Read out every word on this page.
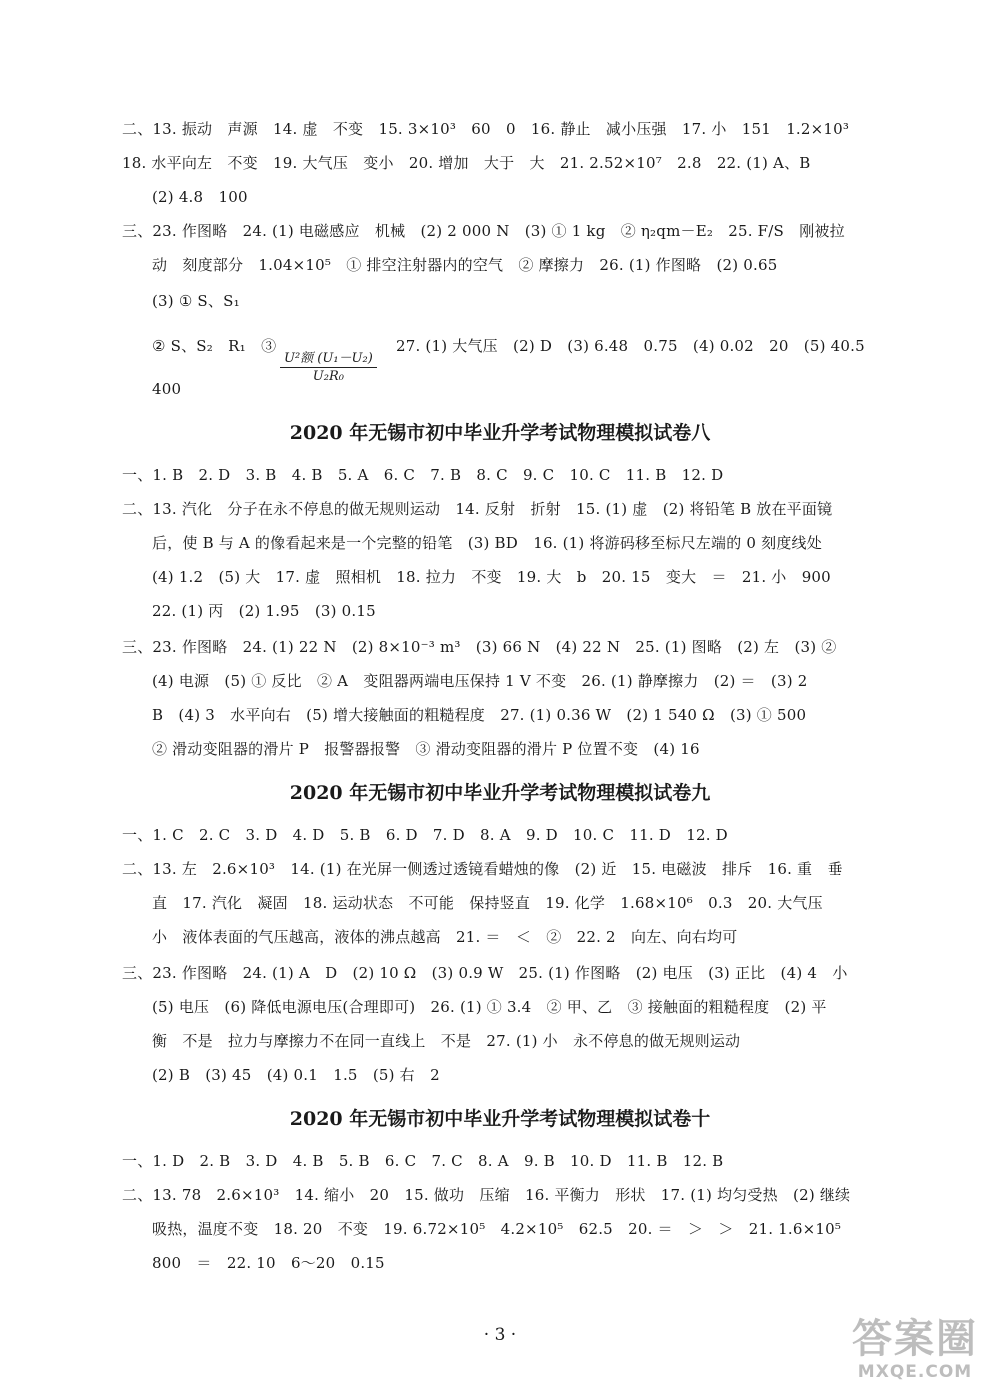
二、13. 振动　声源　14. 虚　不变　15. 3×10³　60　0　16. 静止　减小压强　17. 小　151　1.2×10³
18. 水平向左　不变　19. 大气压　变小　20. 增加　大于　大　21. 2.52×10⁷　2.8　22. (1) A、B
(2) 4.8　100
三、23. 作图略　24. (1) 电磁感应　机械　(2) 2 000 N　(3) ① 1 kg　② η₂qm－E₂　25. F/S　刚被拉
动　刻度部分　1.04×10⁵　① 排空注射器内的空气　② 摩擦力　26. (1) 作图略　(2) 0.65
(3) ① S、S₁
② S、S₂　R₁　③
U²额 (U₁－U₂)
U₂R₀
27. (1) 大气压　(2) D　(3) 6.48　0.75　(4) 0.02　20　(5) 40.5
400
2020 年无锡市初中毕业升学考试物理模拟试卷八
一、1. B　2. D　3. B　4. B　5. A　6. C　7. B　8. C　9. C　10. C　11. B　12. D
二、13. 汽化　分子在永不停息的做无规则运动　14. 反射　折射　15. (1) 虚　(2) 将铅笔 B 放在平面镜
后，使 B 与 A 的像看起来是一个完整的铅笔　(3) BD　16. (1) 将游码移至标尺左端的 0 刻度线处
(4) 1.2　(5) 大　17. 虚　照相机　18. 拉力　不变　19. 大　b　20. 15　变大　＝　21. 小　900
22. (1) 丙　(2) 1.95　(3) 0.15
三、23. 作图略　24. (1) 22 N　(2) 8×10⁻³ m³　(3) 66 N　(4) 22 N　25. (1) 图略　(2) 左　(3) ②
(4) 电源　(5) ① 反比　② A　变阻器两端电压保持 1 V 不变　26. (1) 静摩擦力　(2) ＝　(3) 2
B　(4) 3　水平向右　(5) 增大接触面的粗糙程度　27. (1) 0.36 W　(2) 1 540 Ω　(3) ① 500
② 滑动变阻器的滑片 P　报警器报警　③ 滑动变阻器的滑片 P 位置不变　(4) 16
2020 年无锡市初中毕业升学考试物理模拟试卷九
一、1. C　2. C　3. D　4. D　5. B　6. D　7. D　8. A　9. D　10. C　11. D　12. D
二、13. 左　2.6×10³　14. (1) 在光屏一侧透过透镜看蜡烛的像　(2) 近　15. 电磁波　排斥　16. 重　垂
直　17. 汽化　凝固　18. 运动状态　不可能　保持竖直　19. 化学　1.68×10⁶　0.3　20. 大气压
小　液体表面的气压越高，液体的沸点越高　21. ＝　＜　②　22. 2　向左、向右均可
三、23. 作图略　24. (1) A　D　(2) 10 Ω　(3) 0.9 W　25. (1) 作图略　(2) 电压　(3) 正比　(4) 4　小
(5) 电压　(6) 降低电源电压(合理即可)　26. (1) ① 3.4　② 甲、乙　③ 接触面的粗糙程度　(2) 平
衡　不是　拉力与摩擦力不在同一直线上　不是　27. (1) 小　永不停息的做无规则运动
(2) B　(3) 45　(4) 0.1　1.5　(5) 右　2
2020 年无锡市初中毕业升学考试物理模拟试卷十
一、1. D　2. B　3. D　4. B　5. B　6. C　7. C　8. A　9. B　10. D　11. B　12. B
二、13. 78　2.6×10³　14. 缩小　20　15. 做功　压缩　16. 平衡力　形状　17. (1) 均匀受热　(2) 继续
吸热，温度不变　18. 20　不变　19. 6.72×10⁵　4.2×10⁵　62.5　20. ＝　＞　＞　21. 1.6×10⁵
800　＝　22. 10　6～20　0.15
· 3 ·	答案圈
MXQE.COM
